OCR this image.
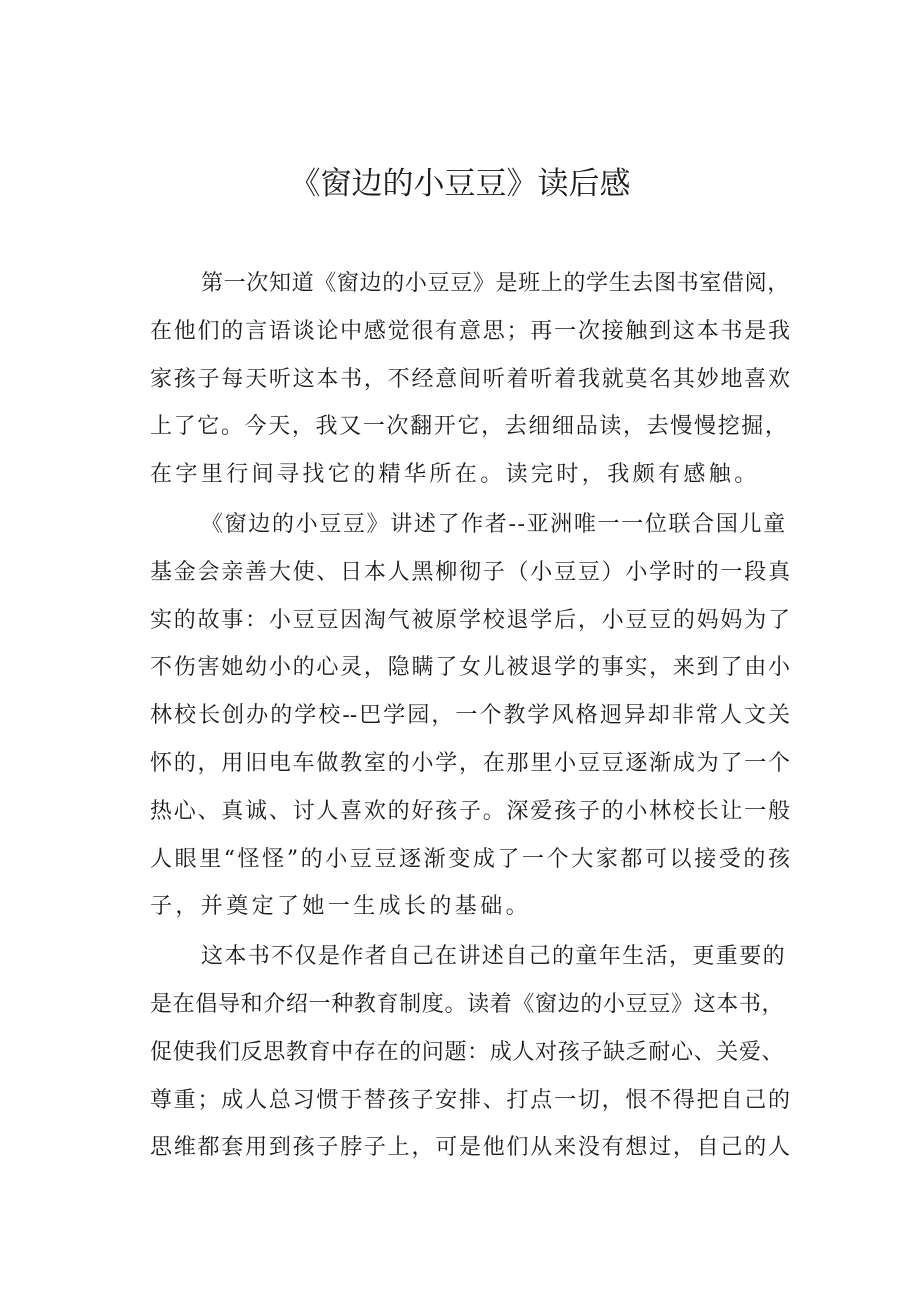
《窗边的小豆豆》读后感
第一次知道《窗边的小豆豆》是班上的学生去图书室借阅，
在他们的言语谈论中感觉很有意思；再一次接触到这本书是我
家孩子每天听这本书，不经意间听着听着我就莫名其妙地喜欢
上了它。今天，我又一次翻开它，去细细品读，去慢慢挖掘，
在字里行间寻找它的精华所在。读完时，我颇有感触。
《窗边的小豆豆》讲述了作者--亚洲唯一一位联合国儿童
基金会亲善大使、日本人黑柳彻子（小豆豆）小学时的一段真
实的故事：小豆豆因淘气被原学校退学后，小豆豆的妈妈为了
不伤害她幼小的心灵，隐瞒了女儿被退学的事实，来到了由小
林校长创办的学校--巴学园，一个教学风格迥异却非常人文关
怀的，用旧电车做教室的小学，在那里小豆豆逐渐成为了一个
热心、真诚、讨人喜欢的好孩子。深爱孩子的小林校长让一般
人眼里“怪怪”的小豆豆逐渐变成了一个大家都可以接受的孩
子，并奠定了她一生成长的基础。
这本书不仅是作者自己在讲述自己的童年生活，更重要的
是在倡导和介绍一种教育制度。读着《窗边的小豆豆》这本书，
促使我们反思教育中存在的问题：成人对孩子缺乏耐心、关爱、
尊重；成人总习惯于替孩子安排、打点一切，恨不得把自己的
思维都套用到孩子脖子上，可是他们从来没有想过，自己的人
